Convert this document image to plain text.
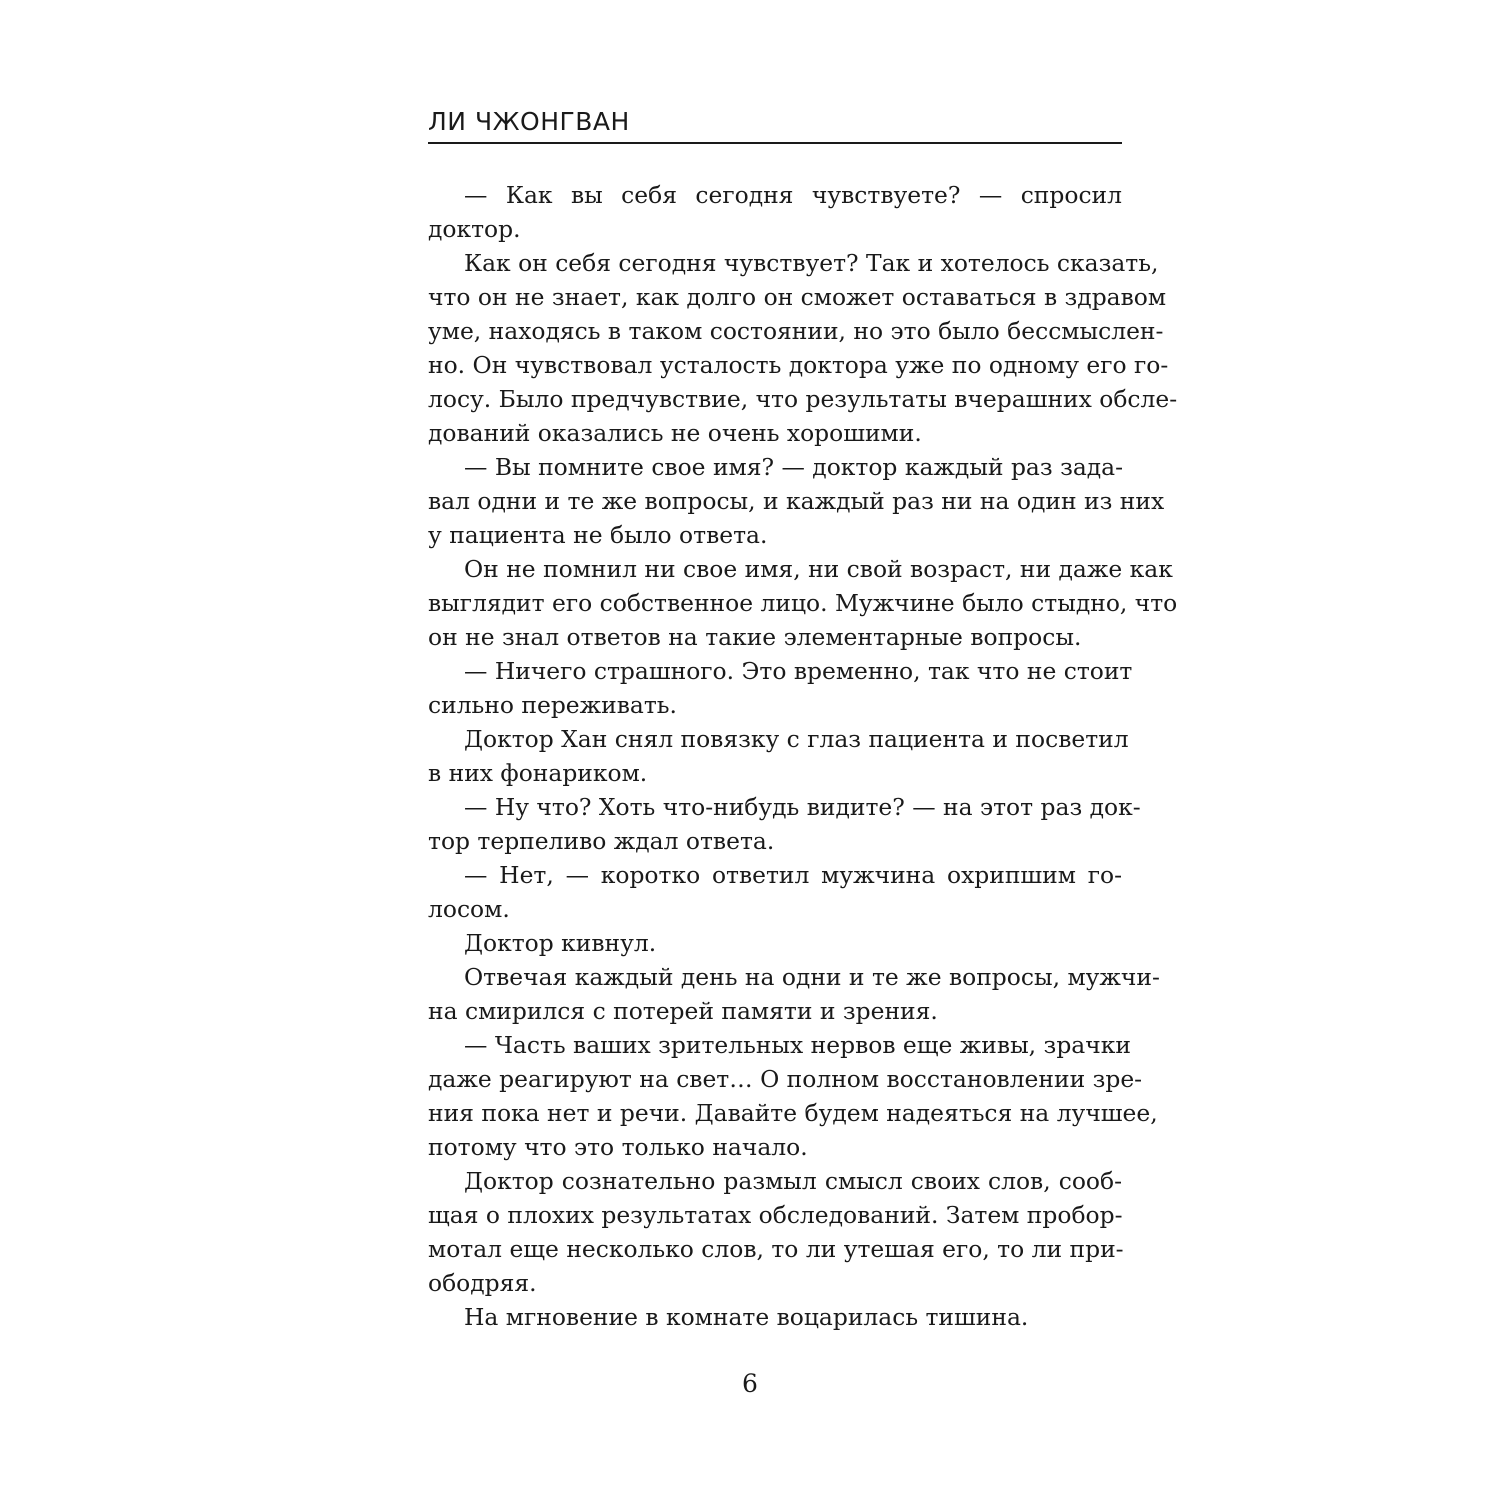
ЛИ ЧЖОНГВАН
— Как вы себя сегодня чувствуете? — спросил
доктор.
Как он себя сегодня чувствует? Так и хотелось сказать,
что он не знает, как долго он сможет оставаться в здравом
уме, находясь в таком состоянии, но это было бессмыслен-
но. Он чувствовал усталость доктора уже по одному его го-
лосу. Было предчувствие, что результаты вчерашних обсле-
дований оказались не очень хорошими.
— Вы помните свое имя? — доктор каждый раз зада-
вал одни и те же вопросы, и каждый раз ни на один из них
у пациента не было ответа.
Он не помнил ни свое имя, ни свой возраст, ни даже как
выглядит его собственное лицо. Мужчине было стыдно, что
он не знал ответов на такие элементарные вопросы.
— Ничего страшного. Это временно, так что не стоит
сильно переживать.
Доктор Хан снял повязку с глаз пациента и посветил
в них фонариком.
— Ну что? Хоть что-нибудь видите? — на этот раз док-
тор терпеливо ждал ответа.
— Нет, — коротко ответил мужчина охрипшим го-
лосом.
Доктор кивнул.
Отвечая каждый день на одни и те же вопросы, мужчи-
на смирился с потерей памяти и зрения.
— Часть ваших зрительных нервов еще живы, зрачки
даже реагируют на свет… О полном восстановлении зре-
ния пока нет и речи. Давайте будем надеяться на лучшее,
потому что это только начало.
Доктор сознательно размыл смысл своих слов, сооб-
щая о плохих результатах обследований. Затем пробор-
мотал еще несколько слов, то ли утешая его, то ли при-
ободряя.
На мгновение в комнате воцарилась тишина.
6
